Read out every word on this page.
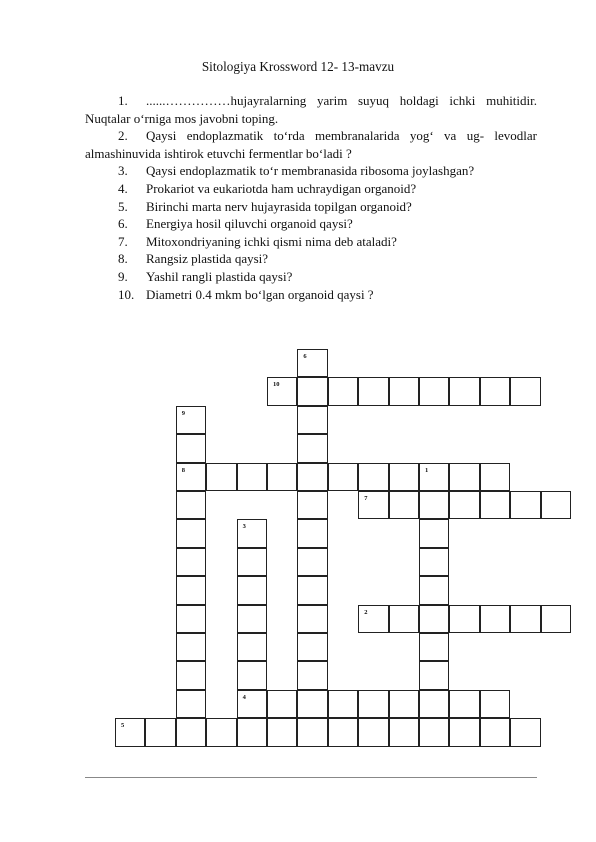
Sitologiya Krossword 12- 13-mavzu

1. ......……………hujayralarning yarim suyuq holdagi ichki muhitidir. Nuqtalar o‘rniga mos javobni toping.

2. Qaysi endoplazmatik to‘rda membranalarida yog‘ va ug- levodlar almashinuvida ishtirok etuvchi fermentlar bo‘ladi ?

3. Qaysi endoplazmatik to‘r membranasida ribosoma joylashgan?

4. Prokariot va eukariotda ham uchraydigan organoid?

5. Birinchi marta nerv hujayrasida topilgan organoid?

6. Energiya hosil qiluvchi organoid qaysi?

7. Mitoxondriyaning ichki qismi nima deb ataladi?

8. Rangsiz plastida qaysi?

9. Yashil rangli plastida qaysi?

10. Diametri 0.4 mkm bo‘lgan organoid qaysi ?

6
10
9
8	1
7
3
2
4
5
